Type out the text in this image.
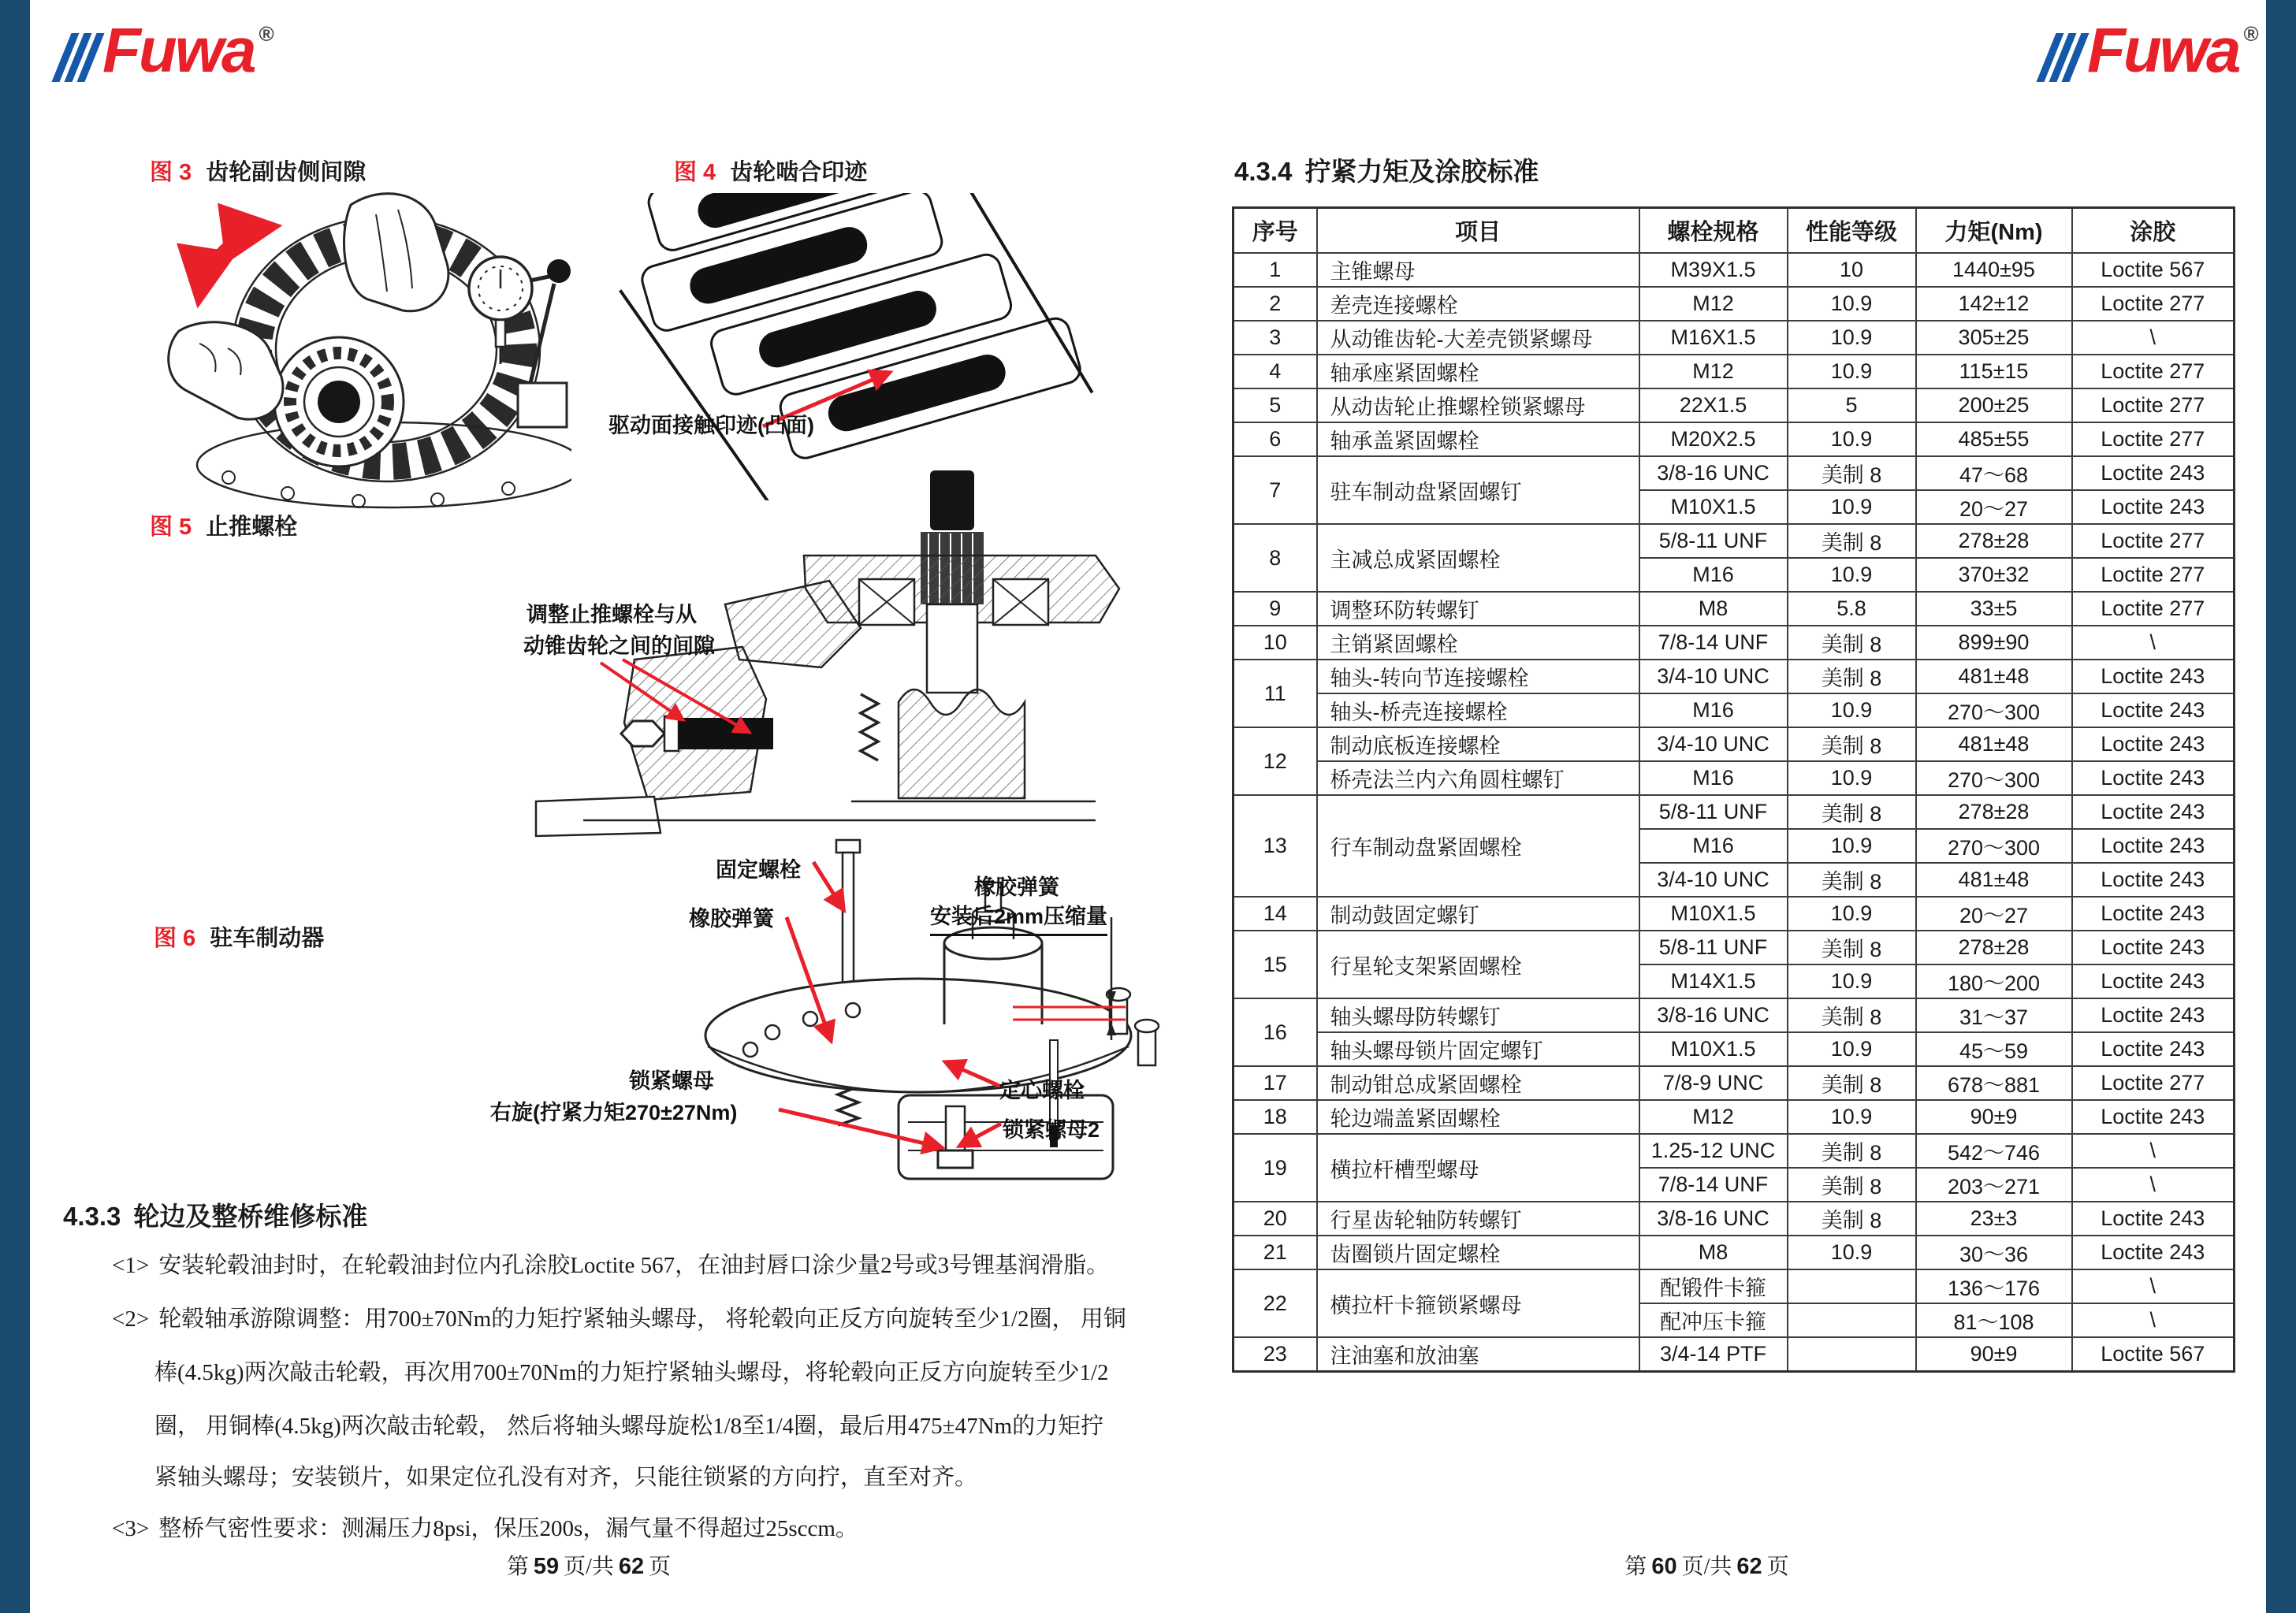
Fuwa ®
图 3 齿轮副齿侧间隙	图 4 齿轮啮合印迹
驱动面接触印迹(凸面)
图 5 止推螺栓
调整止推螺栓与从
动锥齿轮之间的间隙
图 6 驻车制动器
固定螺栓
橡胶弹簧
橡胶弹簧
安装后2mm压缩量
锁紧螺母
右旋(拧紧力矩270±27Nm)
定心螺栓
锁紧螺母2
4.3.3 轮边及整桥维修标准
<1> 安装轮毂油封时，在轮毂油封位内孔涂胶Loctite 567，在油封唇口涂少量2号或3号锂基润滑脂。
<2> 轮毂轴承游隙调整：用700±70Nm的力矩拧紧轴头螺母， 将轮毂向正反方向旋转至少1/2圈， 用铜
棒(4.5kg)两次敲击轮毂，再次用700±70Nm的力矩拧紧轴头螺母，将轮毂向正反方向旋转至少1/2
圈， 用铜棒(4.5kg)两次敲击轮毂， 然后将轴头螺母旋松1/8至1/4圈，最后用475±47Nm的力矩拧
紧轴头螺母；安装锁片，如果定位孔没有对齐，只能往锁紧的方向拧，直至对齐。
<3> 整桥气密性要求：测漏压力8psi，保压200s，漏气量不得超过25sccm。
第 59 页/共 62 页
Fuwa ®
4.3.4 拧紧力矩及涂胶标准
序号	项目	螺栓规格	性能等级	力矩(Nm)	涂胶
1	主锥螺母	M39X1.5	10	1440±95	Loctite 567
2	差壳连接螺栓	M12	10.9	142±12	Loctite 277
3	从动锥齿轮-大差壳锁紧螺母	M16X1.5	10.9	305±25	\
4	轴承座紧固螺栓	M12	10.9	115±15	Loctite 277
5	从动齿轮止推螺栓锁紧螺母	22X1.5	5	200±25	Loctite 277
6	轴承盖紧固螺栓	M20X2.5	10.9	485±55	Loctite 277
7	驻车制动盘紧固螺钉	3/8-16 UNC	美制 8	47～68	Loctite 243
		M10X1.5	10.9	20～27	Loctite 243
8	主减总成紧固螺栓	5/8-11 UNF	美制 8	278±28	Loctite 277
		M16	10.9	370±32	Loctite 277
9	调整环防转螺钉	M8	5.8	33±5	Loctite 277
10	主销紧固螺栓	7/8-14 UNF	美制 8	899±90	\
11	轴头-转向节连接螺栓	3/4-10 UNC	美制 8	481±48	Loctite 243
	轴头-桥壳连接螺栓	M16	10.9	270～300	Loctite 243
12	制动底板连接螺栓	3/4-10 UNC	美制 8	481±48	Loctite 243
	桥壳法兰内六角圆柱螺钉	M16	10.9	270～300	Loctite 243
13	行车制动盘紧固螺栓	5/8-11 UNF	美制 8	278±28	Loctite 243
		M16	10.9	270～300	Loctite 243
		3/4-10 UNC	美制 8	481±48	Loctite 243
14	制动鼓固定螺钉	M10X1.5	10.9	20～27	Loctite 243
15	行星轮支架紧固螺栓	5/8-11 UNF	美制 8	278±28	Loctite 243
		M14X1.5	10.9	180～200	Loctite 243
16	轴头螺母防转螺钉	3/8-16 UNC	美制 8	31～37	Loctite 243
	轴头螺母锁片固定螺钉	M10X1.5	10.9	45～59	Loctite 243
17	制动钳总成紧固螺栓	7/8-9 UNC	美制 8	678～881	Loctite 277
18	轮边端盖紧固螺栓	M12	10.9	90±9	Loctite 243
19	横拉杆槽型螺母	1.25-12 UNC	美制 8	542～746	\
		7/8-14 UNF	美制 8	203～271	\
20	行星齿轮轴防转螺钉	3/8-16 UNC	美制 8	23±3	Loctite 243
21	齿圈锁片固定螺栓	M8	10.9	30～36	Loctite 243
22	横拉杆卡箍锁紧螺母	配锻件卡箍		136～176	\
		配冲压卡箍		81～108	\
23	注油塞和放油塞	3/4-14 PTF		90±9	Loctite 567
第 60 页/共 62 页
